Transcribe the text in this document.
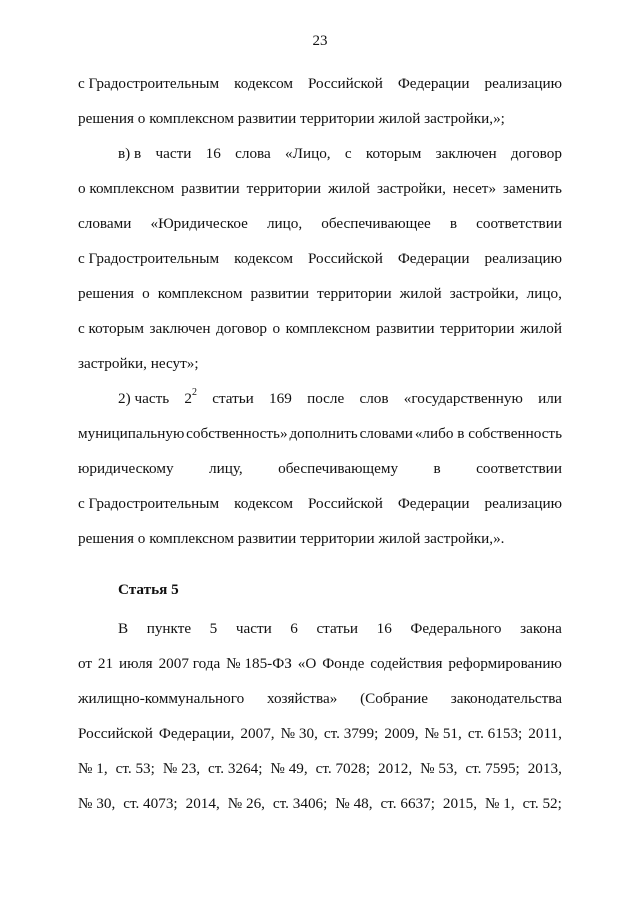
23
с Градостроительным кодексом Российской Федерации реализацию
решения о комплексном развитии территории жилой застройки,»;
в) в части 16 слова «Лицо, с которым заключен договор
о комплексном развитии территории жилой застройки, несет» заменить
словами «Юридическое лицо, обеспечивающее в соответствии
с Градостроительным кодексом Российской Федерации реализацию
решения о комплексном развитии территории жилой застройки, лицо,
с которым заключен договор о комплексном развитии территории жилой
застройки, несут»;
2) часть $2^2$ статьи 169 после слов «государственную или
муниципальную собственность» дополнить словами «либо в собственность
юридическому лицу, обеспечивающему в соответствии
с Градостроительным кодексом Российской Федерации реализацию
решения о комплексном развитии территории жилой застройки,».
Статья 5
В пункте 5 части 6 статьи 16 Федерального закона
от 21 июля 2007 года № 185-ФЗ «О Фонде содействия реформированию
жилищно-коммунального хозяйства» (Собрание законодательства
Российской Федерации, 2007, № 30, ст. 3799; 2009, № 51, ст. 6153; 2011,
№ 1, ст. 53; № 23, ст. 3264; № 49, ст. 7028; 2012, № 53, ст. 7595; 2013,
№ 30, ст. 4073; 2014, № 26, ст. 3406; № 48, ст. 6637; 2015, № 1, ст. 52;
